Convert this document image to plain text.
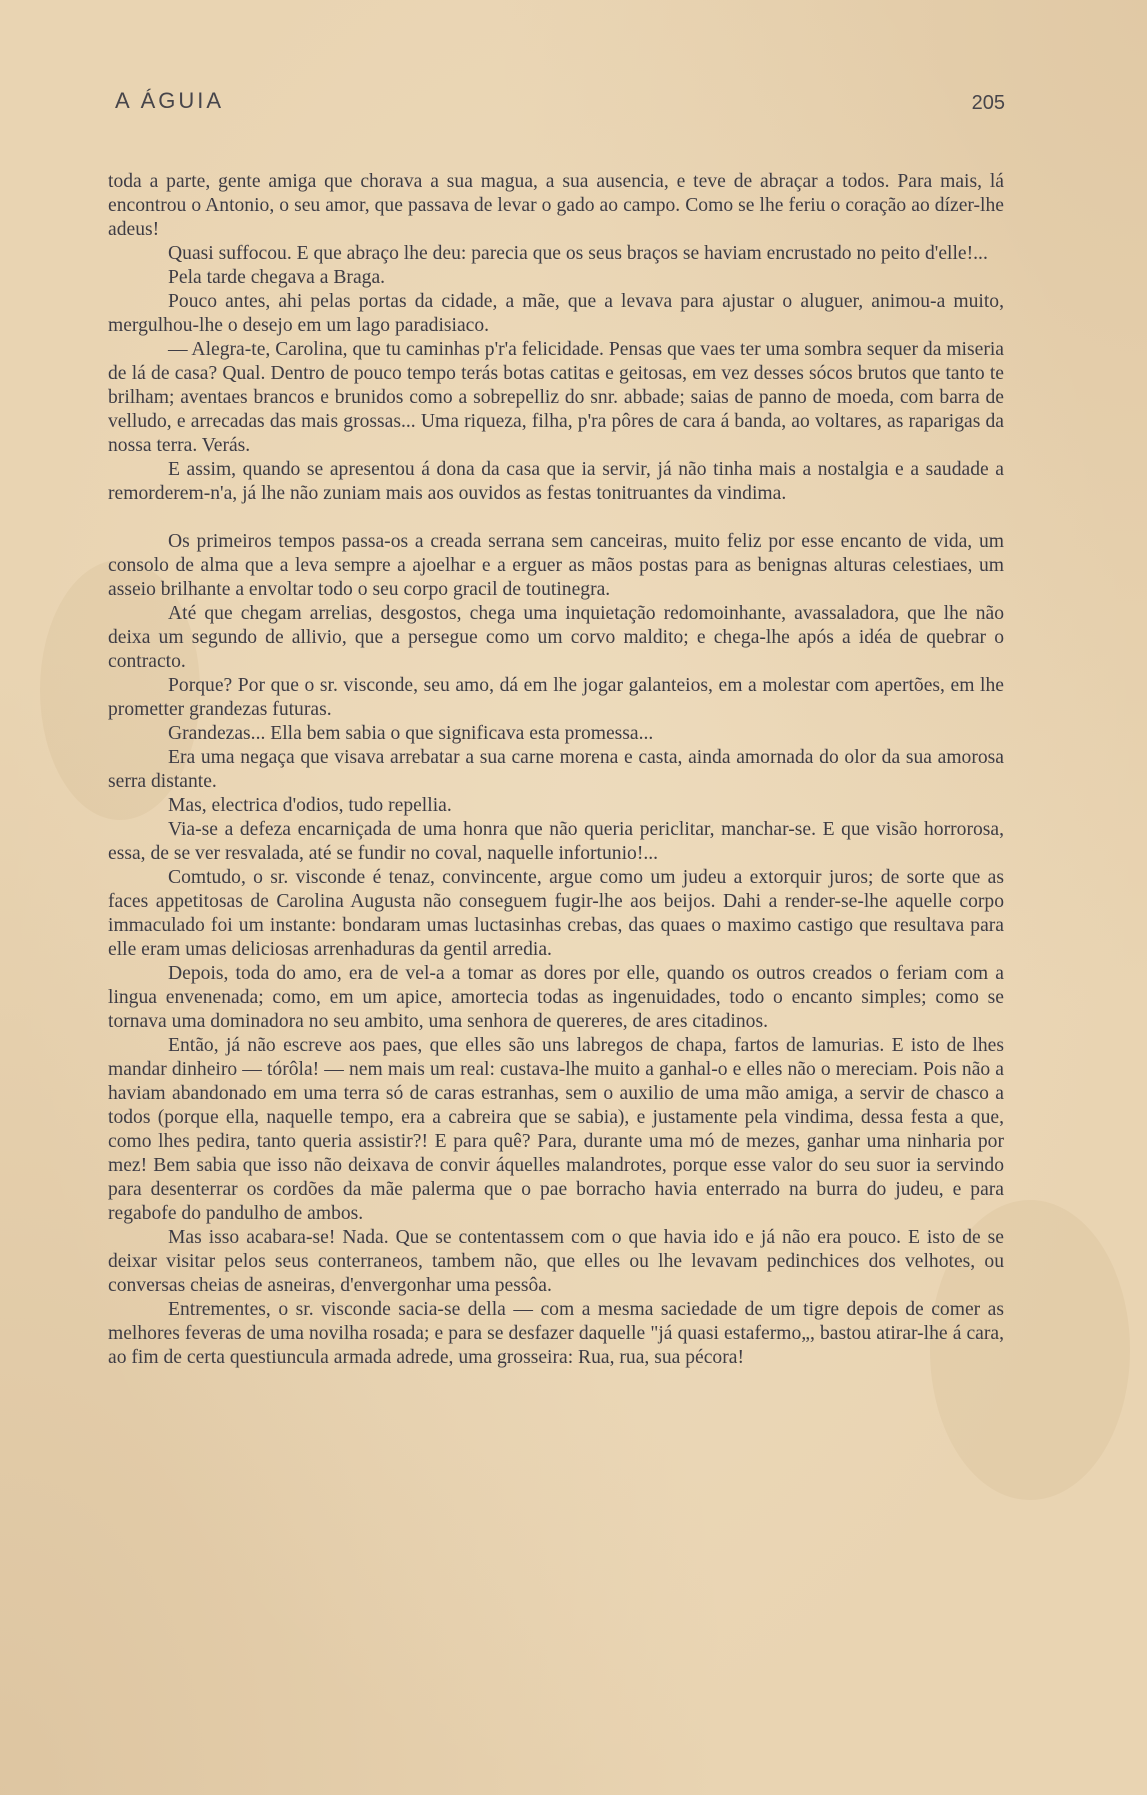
A ÁGUIA	205

toda a parte, gente amiga que chorava a sua magua, a sua ausencia, e teve de abraçar a todos. Para mais, lá encontrou o Antonio, o seu amor, que passava de levar o gado ao campo. Como se lhe feriu o coração ao dízer-lhe adeus!

Quasi suffocou. E que abraço lhe deu: parecia que os seus braços se haviam encrustado no peito d'elle!...

Pela tarde chegava a Braga.

Pouco antes, ahi pelas portas da cidade, a mãe, que a levava para ajustar o aluguer, animou-a muito, mergulhou-lhe o desejo em um lago paradisiaco.

— Alegra-te, Carolina, que tu caminhas p'r'a felicidade. Pensas que vaes ter uma sombra sequer da miseria de lá de casa? Qual. Dentro de pouco tempo terás botas catitas e geitosas, em vez desses sócos brutos que tanto te brilham; aventaes brancos e brunidos como a sobrepelliz do snr. abbade; saias de panno de moeda, com barra de velludo, e arrecadas das mais grossas... Uma riqueza, filha, p'ra pôres de cara á banda, ao voltares, as raparigas da nossa terra. Verás.

E assim, quando se apresentou á dona da casa que ia servir, já não tinha mais a nostalgia e a saudade a remorderem-n'a, já lhe não zuniam mais aos ouvidos as festas tonitruantes da vindima.

Os primeiros tempos passa-os a creada serrana sem canceiras, muito feliz por esse encanto de vida, um consolo de alma que a leva sempre a ajoelhar e a erguer as mãos postas para as benignas alturas celestiaes, um asseio brilhante a envoltar todo o seu corpo gracil de toutinegra.

Até que chegam arrelias, desgostos, chega uma inquietação redomoinhante, avassaladora, que lhe não deixa um segundo de allivio, que a persegue como um corvo maldito; e chega-lhe após a idéa de quebrar o contracto.

Porque? Por que o sr. visconde, seu amo, dá em lhe jogar galanteios, em a molestar com apertões, em lhe prometter grandezas futuras.

Grandezas... Ella bem sabia o que significava esta promessa...

Era uma negaça que visava arrebatar a sua carne morena e casta, ainda amornada do olor da sua amorosa serra distante.

Mas, electrica d'odios, tudo repellia.

Via-se a defeza encarniçada de uma honra que não queria periclitar, manchar-se. E que visão horrorosa, essa, de se ver resvalada, até se fundir no coval, naquelle infortunio!...

Comtudo, o sr. visconde é tenaz, convincente, argue como um judeu a extorquir juros; de sorte que as faces appetitosas de Carolina Augusta não conseguem fugir-lhe aos beijos. Dahi a render-se-lhe aquelle corpo immaculado foi um instante: bondaram umas luctasinhas crebas, das quaes o maximo castigo que resultava para elle eram umas deliciosas arrenhaduras da gentil arredia.

Depois, toda do amo, era de vel-a a tomar as dores por elle, quando os outros creados o feriam com a lingua envenenada; como, em um apice, amortecia todas as ingenuidades, todo o encanto simples; como se tornava uma dominadora no seu ambito, uma senhora de quereres, de ares citadinos.

Então, já não escreve aos paes, que elles são uns labregos de chapa, fartos de lamurias. E isto de lhes mandar dinheiro — tórôla! — nem mais um real: custava-lhe muito a ganhal-o e elles não o mereciam. Pois não a haviam abandonado em uma terra só de caras estranhas, sem o auxilio de uma mão amiga, a servir de chasco a todos (porque ella, naquelle tempo, era a cabreira que se sabia), e justamente pela vindima, dessa festa a que, como lhes pedira, tanto queria assistir?! E para quê? Para, durante uma mó de mezes, ganhar uma ninharia por mez! Bem sabia que isso não deixava de convir áquelles malandrotes, porque esse valor do seu suor ia servindo para desenterrar os cordões da mãe palerma que o pae borracho havia enterrado na burra do judeu, e para regabofe do pandulho de ambos.

Mas isso acabara-se! Nada. Que se contentassem com o que havia ido e já não era pouco. E isto de se deixar visitar pelos seus conterraneos, tambem não, que elles ou lhe levavam pedinchices dos velhotes, ou conversas cheias de asneiras, d'envergonhar uma pessôa.

Entrementes, o sr. visconde sacia-se della — com a mesma saciedade de um tigre depois de comer as melhores feveras de uma novilha rosada; e para se desfazer daquelle "já quasi estafermo„, bastou atirar-lhe á cara, ao fim de certa questiuncula armada adrede, uma grosseira: Rua, rua, sua pécora!
